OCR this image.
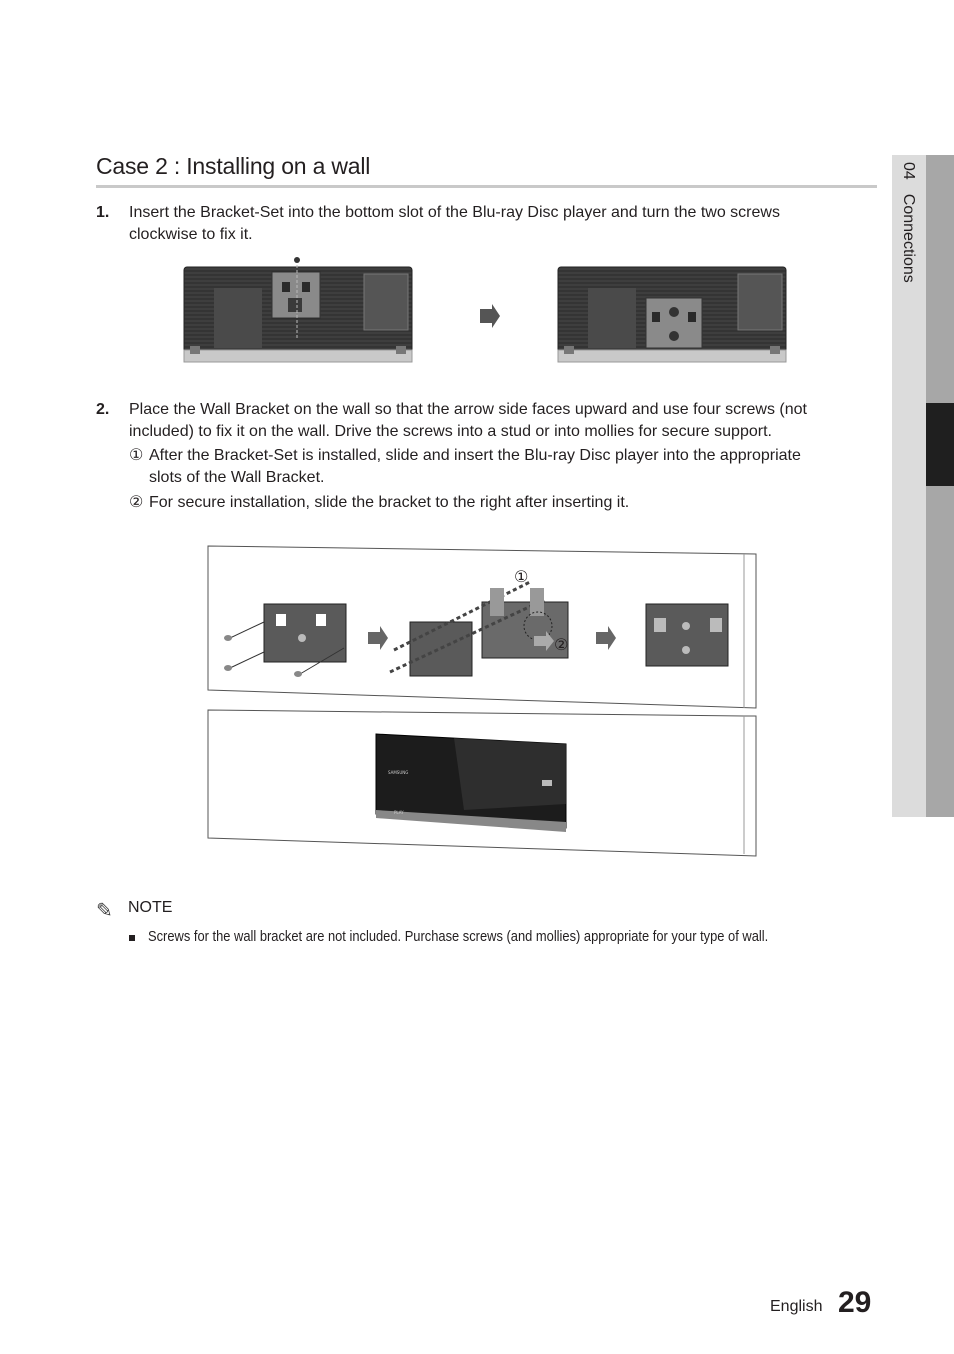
Case 2 : Installing on a wall	04Connections
1. Insert the Bracket-Set into the bottom slot of the Blu-ray Disc player and turn the two screws
clockwise to fix it.
2. Place the Wall Bracket on the wall so that the arrow side faces upward and use four screws (not
included) to fix it on the wall. Drive the screws into a stud or into mollies for secure support.
① After the Bracket-Set is installed, slide and insert the Blu-ray Disc player into the appropriate
slots of the Wall Bracket.
② For secure installation, slide the bracket to the right after inserting it.
①
②
SAMSUNG
PLAY
✎ NOTE
Screws for the wall bracket are not included. Purchase screws (and mollies) appropriate for your type of wall.
English 29
